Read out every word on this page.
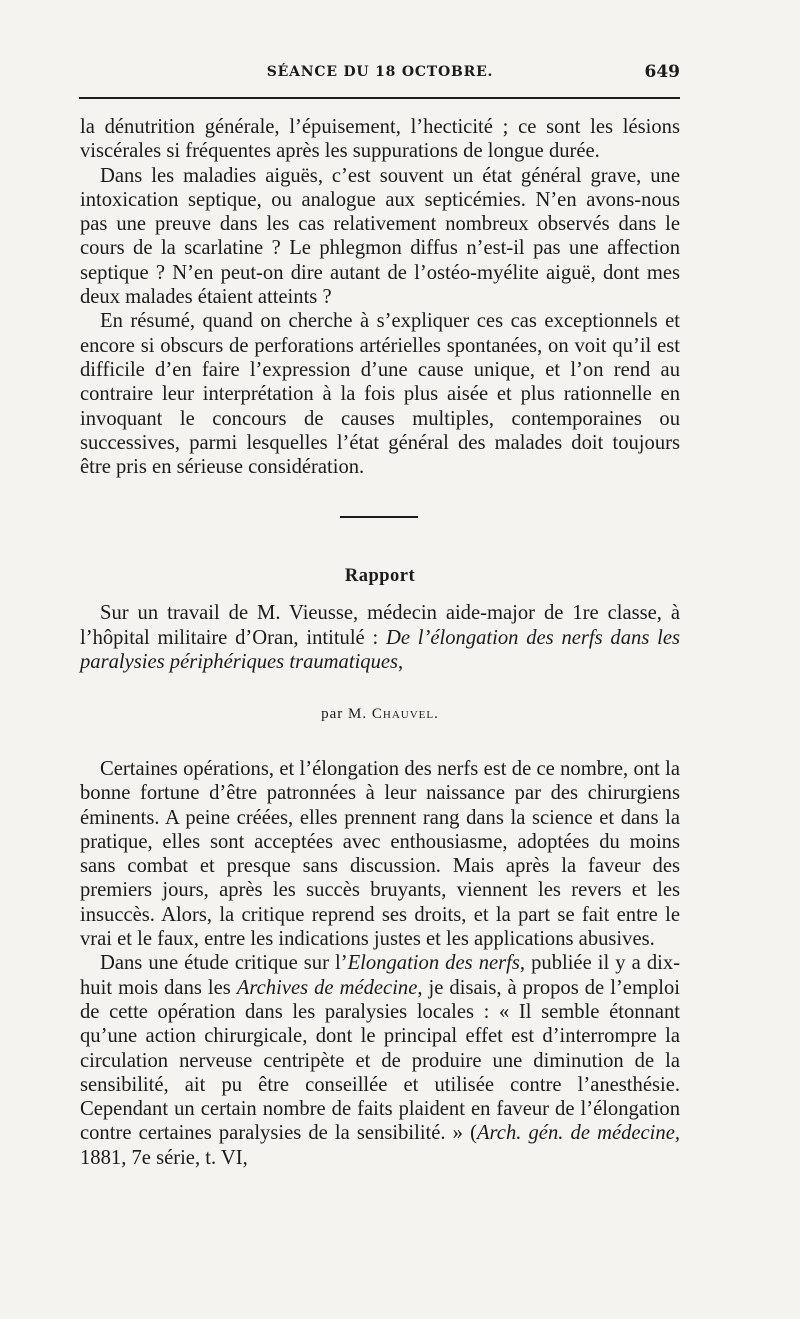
SÉANCE DU 18 OCTOBRE.	649

la dénutrition générale, l’épuisement, l’hecticité ; ce sont les lésions viscérales si fréquentes après les suppurations de longue durée.

Dans les maladies aiguës, c’est souvent un état général grave, une intoxication septique, ou analogue aux septicémies. N’en avons-nous pas une preuve dans les cas relativement nombreux observés dans le cours de la scarlatine ? Le phlegmon diffus n’est-il pas une affection septique ? N’en peut-on dire autant de l’ostéo-myélite aiguë, dont mes deux malades étaient atteints ?

En résumé, quand on cherche à s’expliquer ces cas exceptionnels et encore si obscurs de perforations artérielles spontanées, on voit qu’il est difficile d’en faire l’expression d’une cause unique, et l’on rend au contraire leur interprétation à la fois plus aisée et plus rationnelle en invoquant le concours de causes multiples, contemporaines ou successives, parmi lesquelles l’état général des malades doit toujours être pris en sérieuse considération.

Rapport
Sur un travail de M. Vieusse, médecin aide-major de 1re classe, à l’hôpital militaire d’Oran, intitulé : De l’élongation des nerfs dans les paralysies périphériques traumatiques,
par M. Chauvel.

Certaines opérations, et l’élongation des nerfs est de ce nombre, ont la bonne fortune d’être patronnées à leur naissance par des chirurgiens éminents. A peine créées, elles prennent rang dans la science et dans la pratique, elles sont acceptées avec enthousiasme, adoptées du moins sans combat et presque sans discussion. Mais après la faveur des premiers jours, après les succès bruyants, viennent les revers et les insuccès. Alors, la critique reprend ses droits, et la part se fait entre le vrai et le faux, entre les indications justes et les applications abusives.

Dans une étude critique sur l’Elongation des nerfs, publiée il y a dix-huit mois dans les Archives de médecine, je disais, à propos de l’emploi de cette opération dans les paralysies locales : « Il semble étonnant qu’une action chirurgicale, dont le principal effet est d’interrompre la circulation nerveuse centripète et de produire une diminution de la sensibilité, ait pu être conseillée et utilisée contre l’anesthésie. Cependant un certain nombre de faits plaident en faveur de l’élongation contre certaines paralysies de la sensibilité. » (Arch. gén. de médecine, 1881, 7e série, t. VI,
